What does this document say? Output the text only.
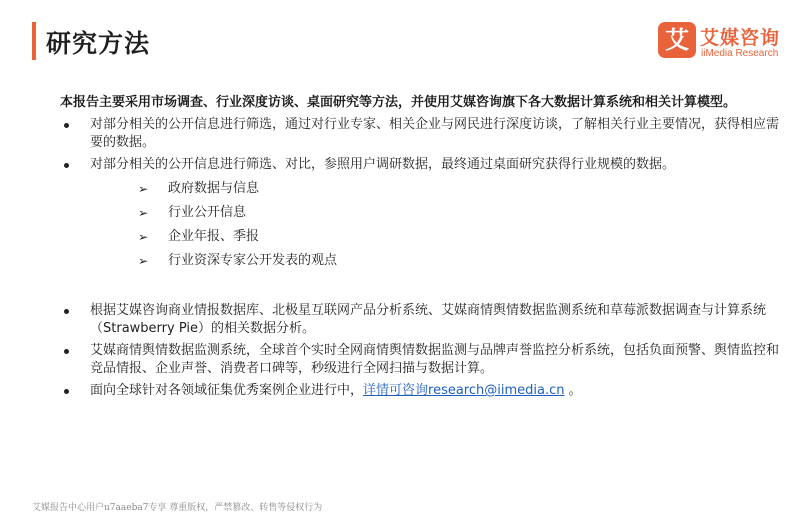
研究方法	艾 艾媒咨询
iiMedia Research

本报告主要采用市场调查、行业深度访谈、桌面研究等方法，并使用艾媒咨询旗下各大数据计算系统和相关计算模型。

对部分相关的公开信息进行筛选，通过对行业专家、相关企业与网民进行深度访谈，了解相关行业主要情况，获得相应需要的数据。
对部分相关的公开信息进行筛选、对比，参照用户调研数据，最终通过桌面研究获得行业规模的数据。
➢ 政府数据与信息
➢ 行业公开信息
➢ 企业年报、季报
➢ 行业资深专家公开发表的观点
根据艾媒咨询商业情报数据库、北极星互联网产品分析系统、艾媒商情舆情数据监测系统和草莓派数据调查与计算系统（Strawberry Pie）的相关数据分析。
艾媒商情舆情数据监测系统，全球首个实时全网商情舆情数据监测与品牌声誉监控分析系统，包括负面预警、舆情监控和竞品情报、企业声誉、消费者口碑等，秒级进行全网扫描与数据计算。
面向全球针对各领域征集优秀案例企业进行中，详情可咨询research@iimedia.cn 。
艾媒报告中心用户u7aaeba7专享 尊重版权，严禁篡改、转售等侵权行为
